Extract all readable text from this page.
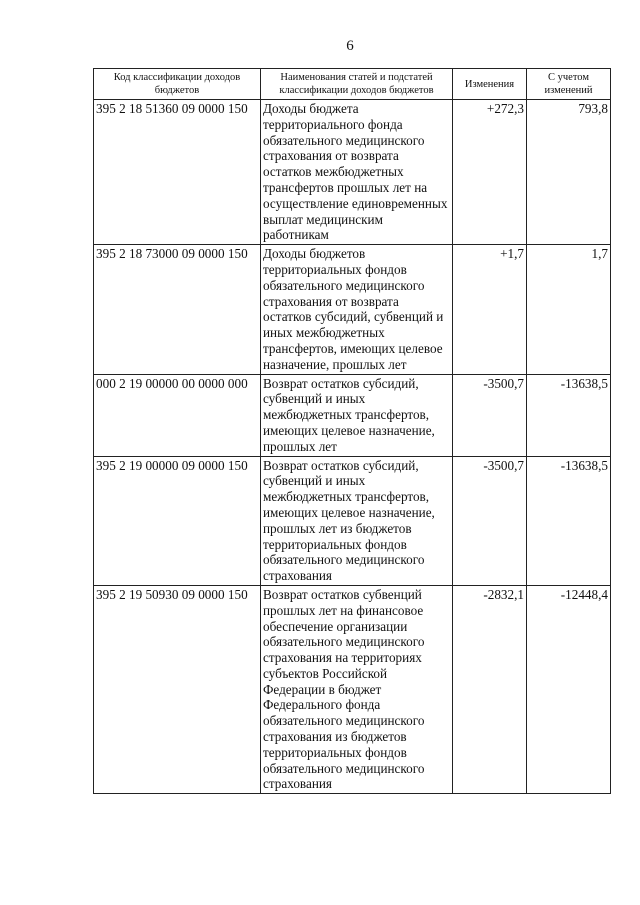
6
Код классификации доходов бюджетов	Наименования статей и подстатей классификации доходов бюджетов	Изменения	С учетом изменений
395 2 18 51360 09 0000 150	Доходы бюджета территориального фонда обязательного медицинского страхования от возврата остатков межбюджетных трансфертов прошлых лет на осуществление единовременных выплат медицинским работникам	+272,3	793,8
395 2 18 73000 09 0000 150	Доходы бюджетов территориальных фондов обязательного медицинского страхования от возврата остатков субсидий, субвенций и иных межбюджетных трансфертов, имеющих целевое назначение, прошлых лет	+1,7	1,7
000 2 19 00000 00 0000 000	Возврат остатков субсидий, субвенций и иных межбюджетных трансфертов, имеющих целевое назначение, прошлых лет	-3500,7	-13638,5
395 2 19 00000 09 0000 150	Возврат остатков субсидий, субвенций и иных межбюджетных трансфертов, имеющих целевое назначение, прошлых лет из бюджетов территориальных фондов обязательного медицинского страхования	-3500,7	-13638,5
395 2 19 50930 09 0000 150	Возврат остатков субвенций прошлых лет на финансовое обеспечение организации обязательного медицинского страхования на территориях субъектов Российской Федерации в бюджет Федерального фонда обязательного медицинского страхования из бюджетов территориальных фондов обязательного медицинского страхования	-2832,1	-12448,4
